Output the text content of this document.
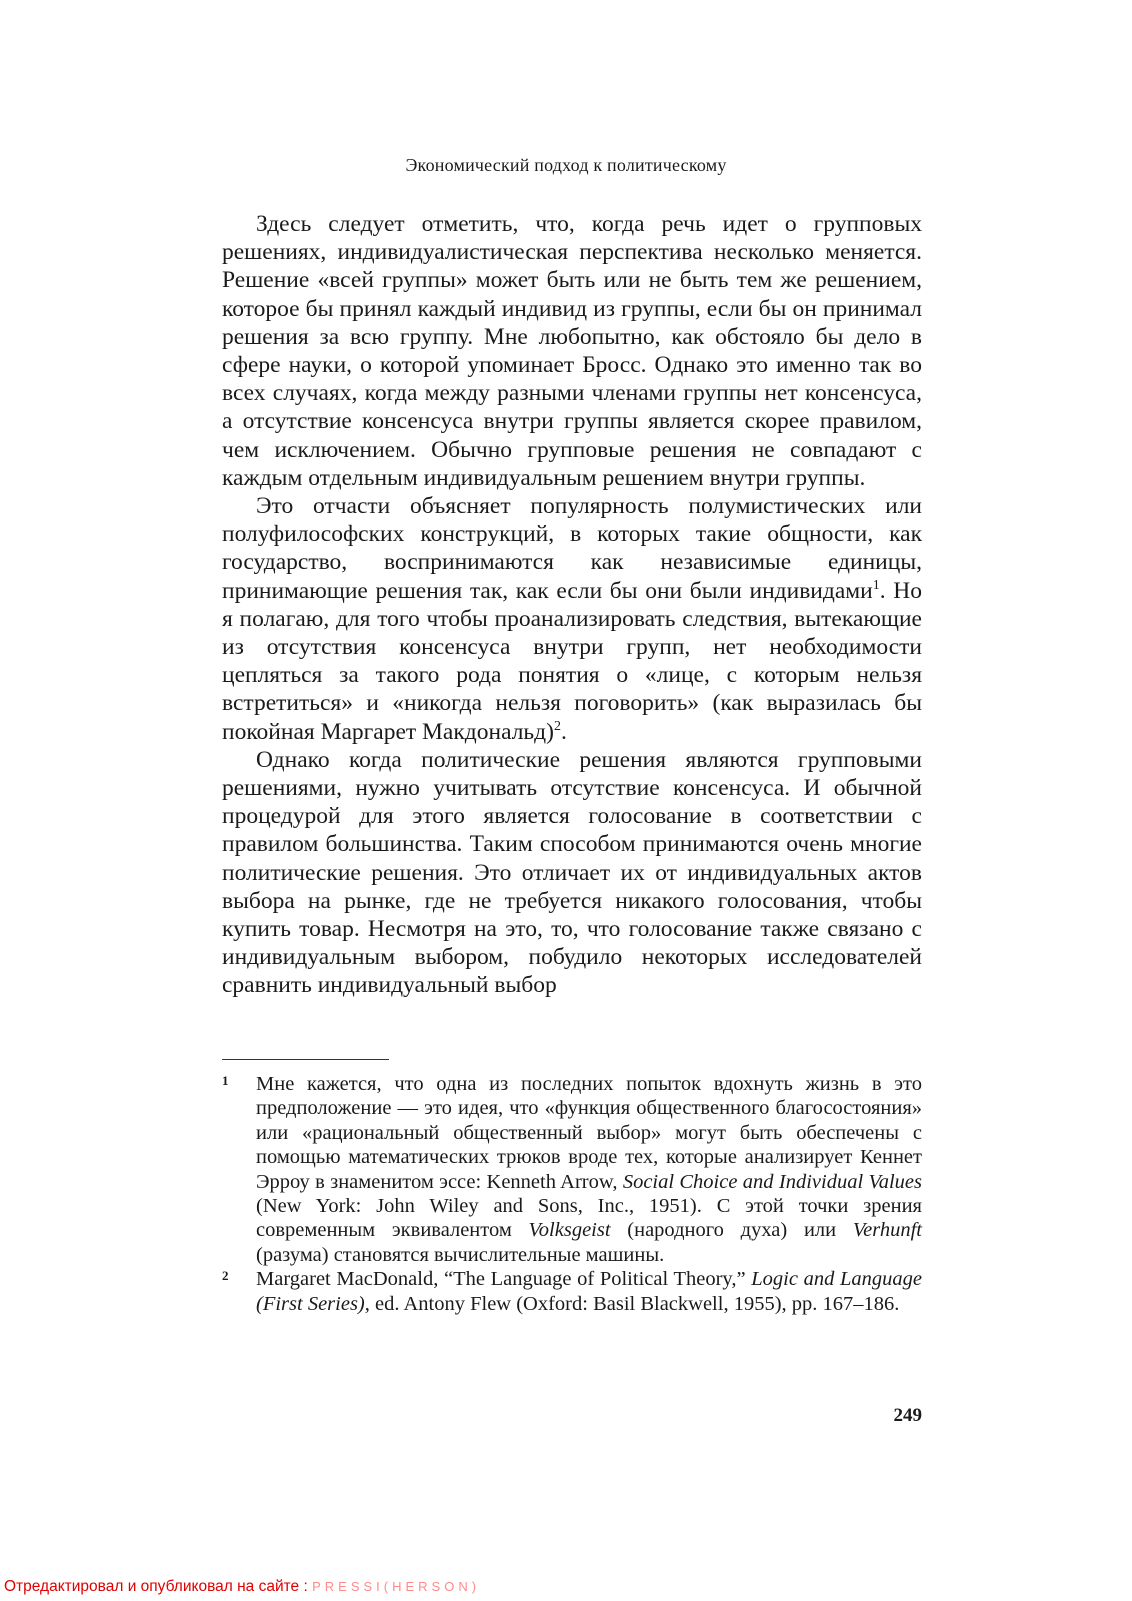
Экономический подход к политическому

Здесь следует отметить, что, когда речь идет о групповых решениях, индивидуалистическая перспектива несколько меняется. Решение «всей группы» может быть или не быть тем же решением, которое бы принял каждый индивид из группы, если бы он принимал решения за всю группу. Мне любопытно, как обстояло бы дело в сфере науки, о которой упоминает Бросс. Однако это именно так во всех случаях, когда между разными членами группы нет консенсуса, а отсутствие консенсуса внутри группы является скорее правилом, чем исключением. Обычно групповые решения не совпадают с каждым отдельным индивидуальным решением внутри группы.

Это отчасти объясняет популярность полумистических или полуфилософских конструкций, в которых такие общности, как государство, воспринимаются как независимые единицы, принимающие решения так, как если бы они были индивидами$^1$. Но я полагаю, для того чтобы проанализировать следствия, вытекающие из отсутствия консенсуса внутри групп, нет необходимости цепляться за такого рода понятия о «лице, с которым нельзя встретиться» и «никогда нельзя поговорить» (как выразилась бы покойная Маргарет Макдональд)$^2$.

Однако когда политические решения являются групповыми решениями, нужно учитывать отсутствие консенсуса. И обычной процедурой для этого является голосование в соответствии с правилом большинства. Таким способом принимаются очень многие политические решения. Это отличает их от индивидуальных актов выбора на рынке, где не требуется никакого голосования, чтобы купить товар. Несмотря на это, то, что голосование также связано с индивидуальным выбором, побудило некоторых исследователей сравнить индивидуальный выбор

1 Мне кажется, что одна из последних попыток вдохнуть жизнь в это предположение — это идея, что «функция общественного благосостояния» или «рациональный общественный выбор» могут быть обеспечены с помощью математических трюков вроде тех, которые анализирует Кеннет Эрроу в знаменитом эссе: Kenneth Arrow, Social Choice and Individual Values (New York: John Wiley and Sons, Inc., 1951). С этой точки зрения современным эквивалентом Volksgeist (народного духа) или Verhunft (разума) становятся вычислительные машины.
2 Margaret MacDonald, “The Language of Political Theory,” Logic and Language (First Series), ed. Antony Flew (Oxford: Basil Blackwell, 1955), pp. 167–186.
249
Отредактировал и опубликовал на сайте : PRESSI(HERSON)
